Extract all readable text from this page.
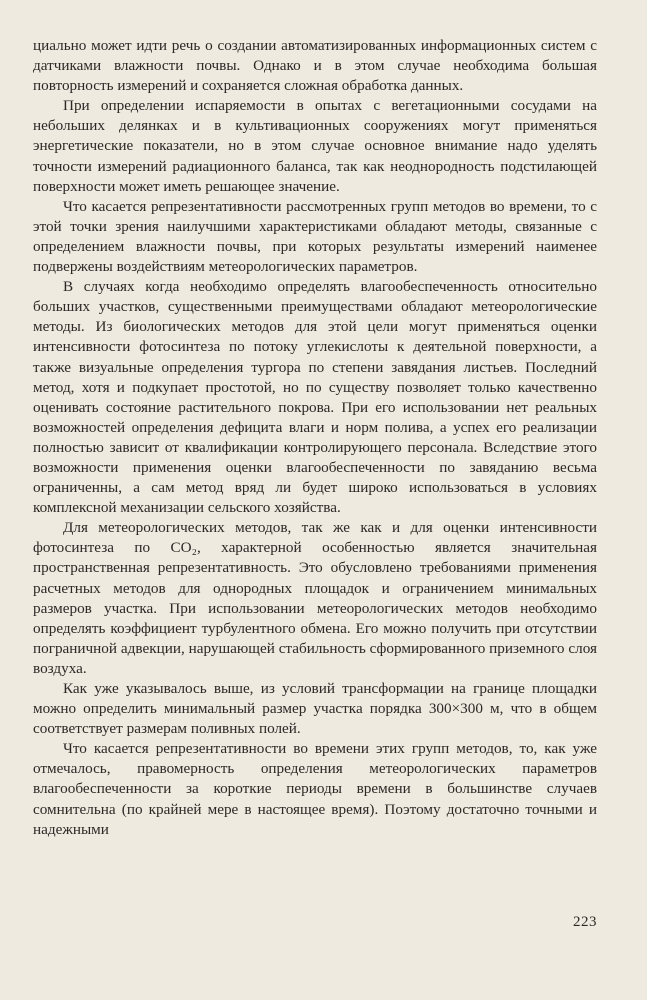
циально может идти речь о создании автоматизированных информационных систем с датчиками влажности почвы. Однако и в этом случае необходима большая повторность измерений и сохраняется сложная обработка данных.

При определении испаряемости в опытах с вегетационными сосудами на небольших делянках и в культивационных сооружениях могут применяться энергетические показатели, но в этом случае основное внимание надо уделять точности измерений радиационного баланса, так как неоднородность подстилающей поверхности может иметь решающее значение.

Что касается репрезентативности рассмотренных групп методов во времени, то с этой точки зрения наилучшими характеристиками обладают методы, связанные с определением влажности почвы, при которых результаты измерений наименее подвержены воздействиям метеорологических параметров.

В случаях когда необходимо определять влагообеспеченность относительно больших участков, существенными преимуществами обладают метеорологические методы. Из биологических методов для этой цели могут применяться оценки интенсивности фотосинтеза по потоку углекислоты к деятельной поверхности, а также визуальные определения тургора по степени завядания листьев. Последний метод, хотя и подкупает простотой, но по существу позволяет только качественно оценивать состояние растительного покрова. При его использовании нет реальных возможностей определения дефицита влаги и норм полива, а успех его реализации полностью зависит от квалификации контролирующего персонала. Вследствие этого возможности применения оценки влагообеспеченности по завяданию весьма ограниченны, а сам метод вряд ли будет широко использоваться в условиях комплексной механизации сельского хозяйства.

Для метеорологических методов, так же как и для оценки интенсивности фотосинтеза по CO₂, характерной особенностью является значительная пространственная репрезентативность. Это обусловлено требованиями применения расчетных методов для однородных площадок и ограничением минимальных размеров участка. При использовании метеорологических методов необходимо определять коэффициент турбулентного обмена. Его можно получить при отсутствии пограничной адвекции, нарушающей стабильность сформированного приземного слоя воздуха.

Как уже указывалось выше, из условий трансформации на границе площадки можно определить минимальный размер участка порядка 300×300 м, что в общем соответствует размерам поливных полей.

Что касается репрезентативности во времени этих групп методов, то, как уже отмечалось, правомерность определения метеорологических параметров влагообеспеченности за короткие периоды времени в большинстве случаев сомнительна (по крайней мере в настоящее время). Поэтому достаточно точными и надежными

223
